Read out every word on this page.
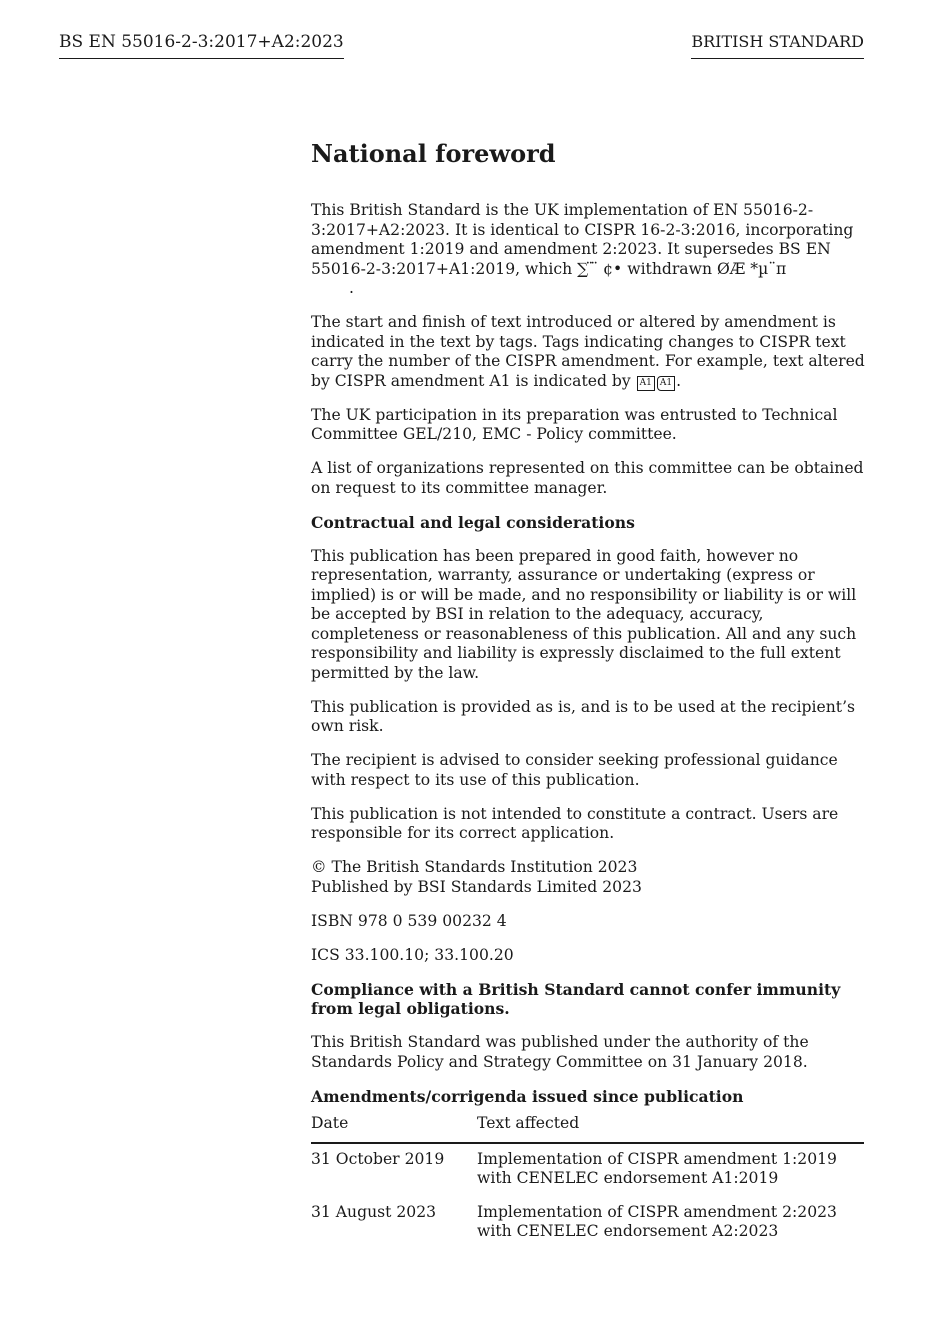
BS EN 55016-2-3:2017+A2:2023	BRITISH STANDARD
National foreword

This British Standard is the UK implementation of EN 55016-2-3:2017+A2:2023. It is identical to CISPR 16-2-3:2016, incorporating amendment 1:2019 and amendment 2:2023. It supersedes BS EN 55016-2-3:2017+A1:2019, which ∑ ̈ ̈ ¢• withdrawn ØÆ *µ¨π
.

The start and finish of text introduced or altered by amendment is indicated in the text by tags. Tags indicating changes to CISPR text carry the number of the CISPR amendment. For example, text altered by CISPR amendment A1 is indicated by A1 A1 .

The UK participation in its preparation was entrusted to Technical Committee GEL/210, EMC - Policy committee.

A list of organizations represented on this committee can be obtained on request to its committee manager.

Contractual and legal considerations

This publication has been prepared in good faith, however no representation, warranty, assurance or undertaking (express or implied) is or will be made, and no responsibility or liability is or will be accepted by BSI in relation to the adequacy, accuracy, completeness or reasonableness of this publication. All and any such responsibility and liability is expressly disclaimed to the full extent permitted by the law.

This publication is provided as is, and is to be used at the recipient’s own risk.

The recipient is advised to consider seeking professional guidance with respect to its use of this publication.

This publication is not intended to constitute a contract. Users are responsible for its correct application.

© The British Standards Institution 2023
Published by BSI Standards Limited 2023

ISBN 978 0 539 00232 4

ICS 33.100.10; 33.100.20

Compliance with a British Standard cannot confer immunity from legal obligations.

This British Standard was published under the authority of the Standards Policy and Strategy Committee on 31 January 2018.

Amendments/corrigenda issued since publication

Date	Text affected
31 October 2019	Implementation of CISPR amendment 1:2019 with CENELEC endorsement A1:2019
31 August 2023	Implementation of CISPR amendment 2:2023 with CENELEC endorsement A2:2023
